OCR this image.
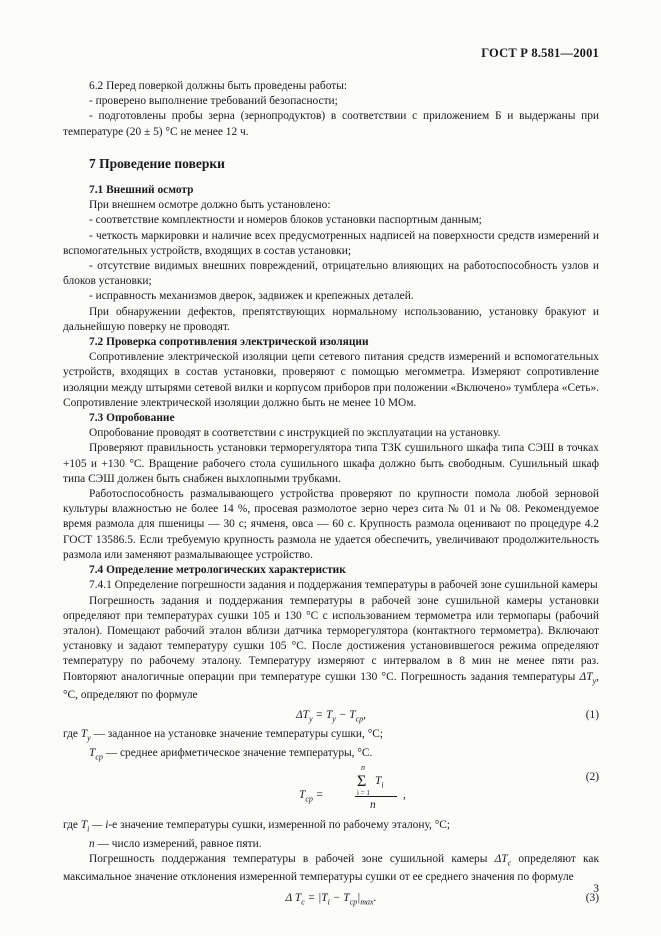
ГОСТ Р 8.581—2001

6.2 Перед поверкой должны быть проведены работы:

- проверено выполнение требований безопасности;

- подготовлены пробы зерна (зернопродуктов) в соответствии с приложением Б и выдержаны при температуре (20 ± 5) °С не менее 12 ч.

7 Проведение поверки

7.1 Внешний осмотр

При внешнем осмотре должно быть установлено:

- соответствие комплектности и номеров блоков установки паспортным данным;

- четкость маркировки и наличие всех предусмотренных надписей на поверхности средств измерений и вспомогательных устройств, входящих в состав установки;

- отсутствие видимых внешних повреждений, отрицательно влияющих на работоспособность узлов и блоков установки;

- исправность механизмов дверок, задвижек и крепежных деталей.

При обнаружении дефектов, препятствующих нормальному использованию, установку бракуют и дальнейшую поверку не проводят.

7.2 Проверка сопротивления электрической изоляции

Сопротивление электрической изоляции цепи сетевого питания средств измерений и вспомогательных устройств, входящих в состав установки, проверяют с помощью мегомметра. Измеряют сопротивление изоляции между штырями сетевой вилки и корпусом приборов при положении «Включено» тумблера «Сеть». Сопротивление электрической изоляции должно быть не менее 10 МОм.

7.3 Опробование

Опробование проводят в соответствии с инструкцией по эксплуатации на установку.

Проверяют правильность установки терморегулятора типа ТЗК сушильного шкафа типа СЭШ в точках +105 и +130 °С. Вращение рабочего стола сушильного шкафа должно быть свободным. Сушильный шкаф типа СЭШ должен быть снабжен выхлопными трубками.

Работоспособность размалывающего устройства проверяют по крупности помола любой зерновой культуры влажностью не более 14 %, просевая размолотое зерно через сита № 01 и № 08. Рекомендуемое время размола для пшеницы — 30 с; ячменя, овса — 60 с. Крупность размола оценивают по процедуре 4.2 ГОСТ 13586.5. Если требуемую крупность размола не удается обеспечить, увеличивают продолжительность размола или заменяют размалывающее устройство.

7.4 Определение метрологических характеристик

7.4.1 Определение погрешности задания и поддержания температуры в рабочей зоне сушильной камеры

Погрешность задания и поддержания температуры в рабочей зоне сушильной камеры установки определяют при температурах сушки 105 и 130 °С с использованием термометра или термопары (рабочий эталон). Помещают рабочий эталон вблизи датчика терморегулятора (контактного термометра). Включают установку и задают температуру сушки 105 °С. После достижения установившегося режима определяют температуру по рабочему эталону. Температуру измеряют с интервалом в 8 мин не менее пяти раз. Повторяют аналогичные операции при температуре сушки 130 °С. Погрешность задания температуры $\Delta T_y$, °С, определяют по формуле

$\Delta T_y = T_y - T_{ср}$,	(1)

где $T_y$ — заданное на установке значение температуры сушки, °С;

$T_{ср}$ — среднее арифметическое значение температуры, °С.

$T_{ср}$ =
n
Σ
i = 1
$T_i$
n
,
(2)

где $T_i$ — i-е значение температуры сушки, измеренной по рабочему эталону, °С;

n — число измерений, равное пяти.

Погрешность поддержания температуры в рабочей зоне сушильной камеры $\Delta T_c$ определяют как максимальное значение отклонения измеренной температуры сушки от ее среднего значения по формуле

Δ $T_c = |T_i - T_{ср}|_{max}$.	(3)
3
